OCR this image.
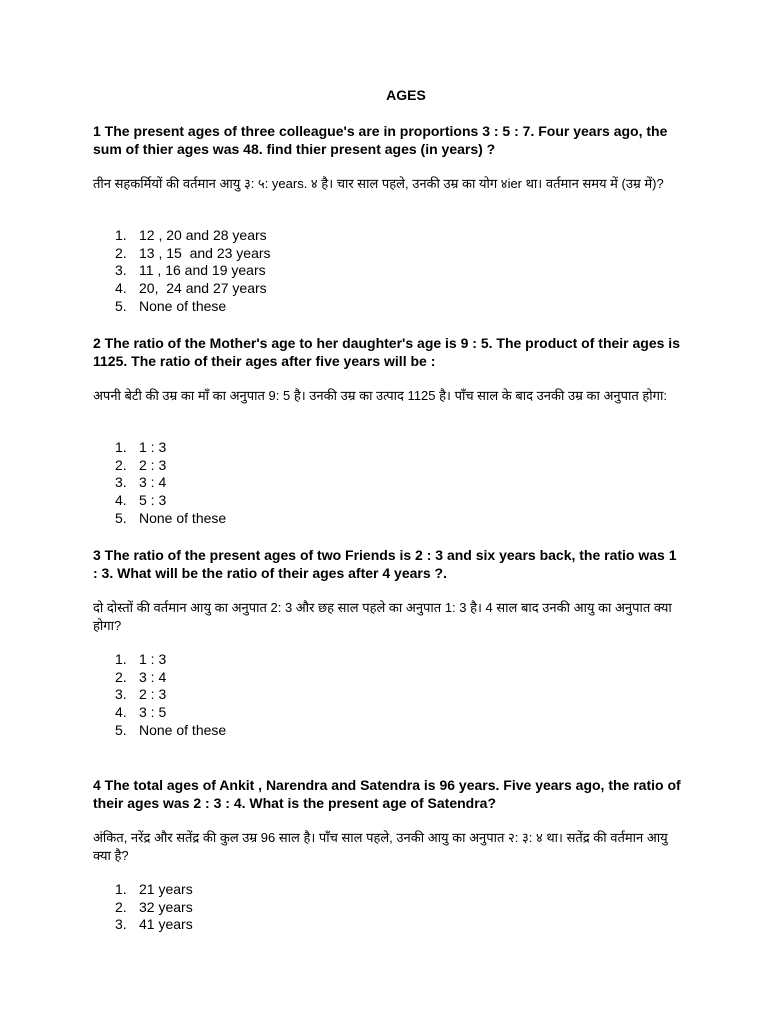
AGES

1 The present ages of three colleague's are in proportions 3 : 5 : 7. Four years ago, the sum of thier ages was 48. find thier present ages (in years) ?

तीन सहकर्मियों की वर्तमान आयु ३: ५: years. ४ है। चार साल पहले, उनकी उम्र का योग ४ier था। वर्तमान समय में (उम्र में)?

1. 12 , 20 and 28 years
2. 13 , 15  and 23 years
3. 11 , 16 and 19 years
4. 20,  24 and 27 years
5. None of these

2 The ratio of the Mother's age to her daughter's age is 9 : 5. The product of their ages is 1125. The ratio of their ages after five years will be :

अपनी बेटी की उम्र का माँ का अनुपात 9: 5 है। उनकी उम्र का उत्पाद 1125 है। पाँच साल के बाद उनकी उम्र का अनुपात होगा:

1. 1 : 3
2. 2 : 3
3. 3 : 4
4. 5 : 3
5. None of these

3 The ratio of the present ages of two Friends is 2 : 3 and six years back, the ratio was 1 : 3. What will be the ratio of their ages after 4 years ?.

दो दोस्तों की वर्तमान आयु का अनुपात 2: 3 और छह साल पहले का अनुपात 1: 3 है। 4 साल बाद उनकी आयु का अनुपात क्या होगा?

1. 1 : 3
2. 3 : 4
3. 2 : 3
4. 3 : 5
5. None of these

4 The total ages of Ankit , Narendra and Satendra is 96 years. Five years ago, the ratio of their ages was 2 : 3 : 4. What is the present age of Satendra?

अंकित, नरेंद्र और सतेंद्र की कुल उम्र 96 साल है। पाँच साल पहले, उनकी आयु का अनुपात २: ३: ४ था। सतेंद्र की वर्तमान आयु क्या है?

1. 21 years
2. 32 years
3. 41 years
